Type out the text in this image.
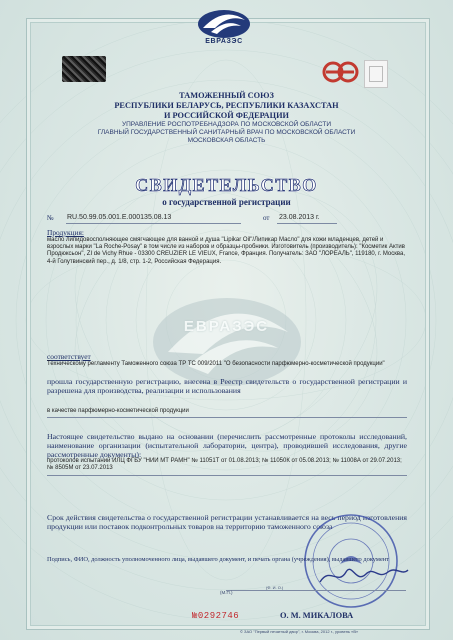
ЕВРАЗЭС
ТАМОЖЕННЫЙ СОЮЗ
РЕСПУБЛИКИ БЕЛАРУСЬ, РЕСПУБЛИКИ КАЗАХСТАН
И РОССИЙСКОЙ ФЕДЕРАЦИИ
УПРАВЛЕНИЕ РОСПОТРЕБНАДЗОРА ПО МОСКОВСКОЙ ОБЛАСТИ
ГЛАВНЫЙ ГОСУДАРСТВЕННЫЙ САНИТАРНЫЙ ВРАЧ ПО МОСКОВСКОЙ ОБЛАСТИ
МОСКОВСКАЯ ОБЛАСТЬ
СВИДЕТЕЛЬСТВО
о государственной регистрации
№ RU.50.99.05.001.E.000135.08.13	от 23.08.2013 г.
Продукция:
масло липидовосполняющее смягчающее для ванной и душа "Lipikar Oil"/Липикар Масло" для кожи младенцев, детей и взрослых марки "La Roche-Posay" в том числе из наборов и образцы-пробники. Изготовитель (производитель): "Косметик Актив Продюксьон", ZI de Vichy Rhue - 03300 CREUZIER LE VIEUX, France, Франция. Получатель: ЗАО "ЛОРЕАЛЬ", 119180, г. Москва, 4-й Голутвинский пер., д. 1/8, стр. 1-2, Российская Федерация.
ЕВРАЗЭС
соответствует
Техническому регламенту Таможенного союза ТР ТС 009/2011 "О безопасности парфюмерно-косметической продукции"
прошла государственную регистрацию, внесена в Реестр свидетельств о государственной регистрации и разрешена для производства, реализации и использования
в качестве парфюмерно-косметической продукции
Настоящее свидетельство выдано на основании (перечислить рассмотренные протоколы исследований, наименование организации (испытательной лаборатории, центра), проводившей исследования, другие рассмотренные документы):
протоколов испытаний ИЛЦ ФГБУ "НИИ МТ РАМН" № 11051Т от 01.08.2013; № 11050К от 05.08.2013; № 11008А от 29.07.2013; № 8505М от 23.07.2013
Срок действия свидетельства о государственной регистрации устанавливается на весь период изготовления продукции или поставок подконтрольных товаров на территорию таможенного союза
Подпись, ФИО, должность уполномоченного лица, выдавшего документ, и печать органа (учреждения), выдавшего документ
(Ф. И. О.)
(М.П.)
№0292746	О. М. МИКАЛОВА
© ЗАО "Первый печатный двор", г. Москва, 2012 г., уровень «В»
